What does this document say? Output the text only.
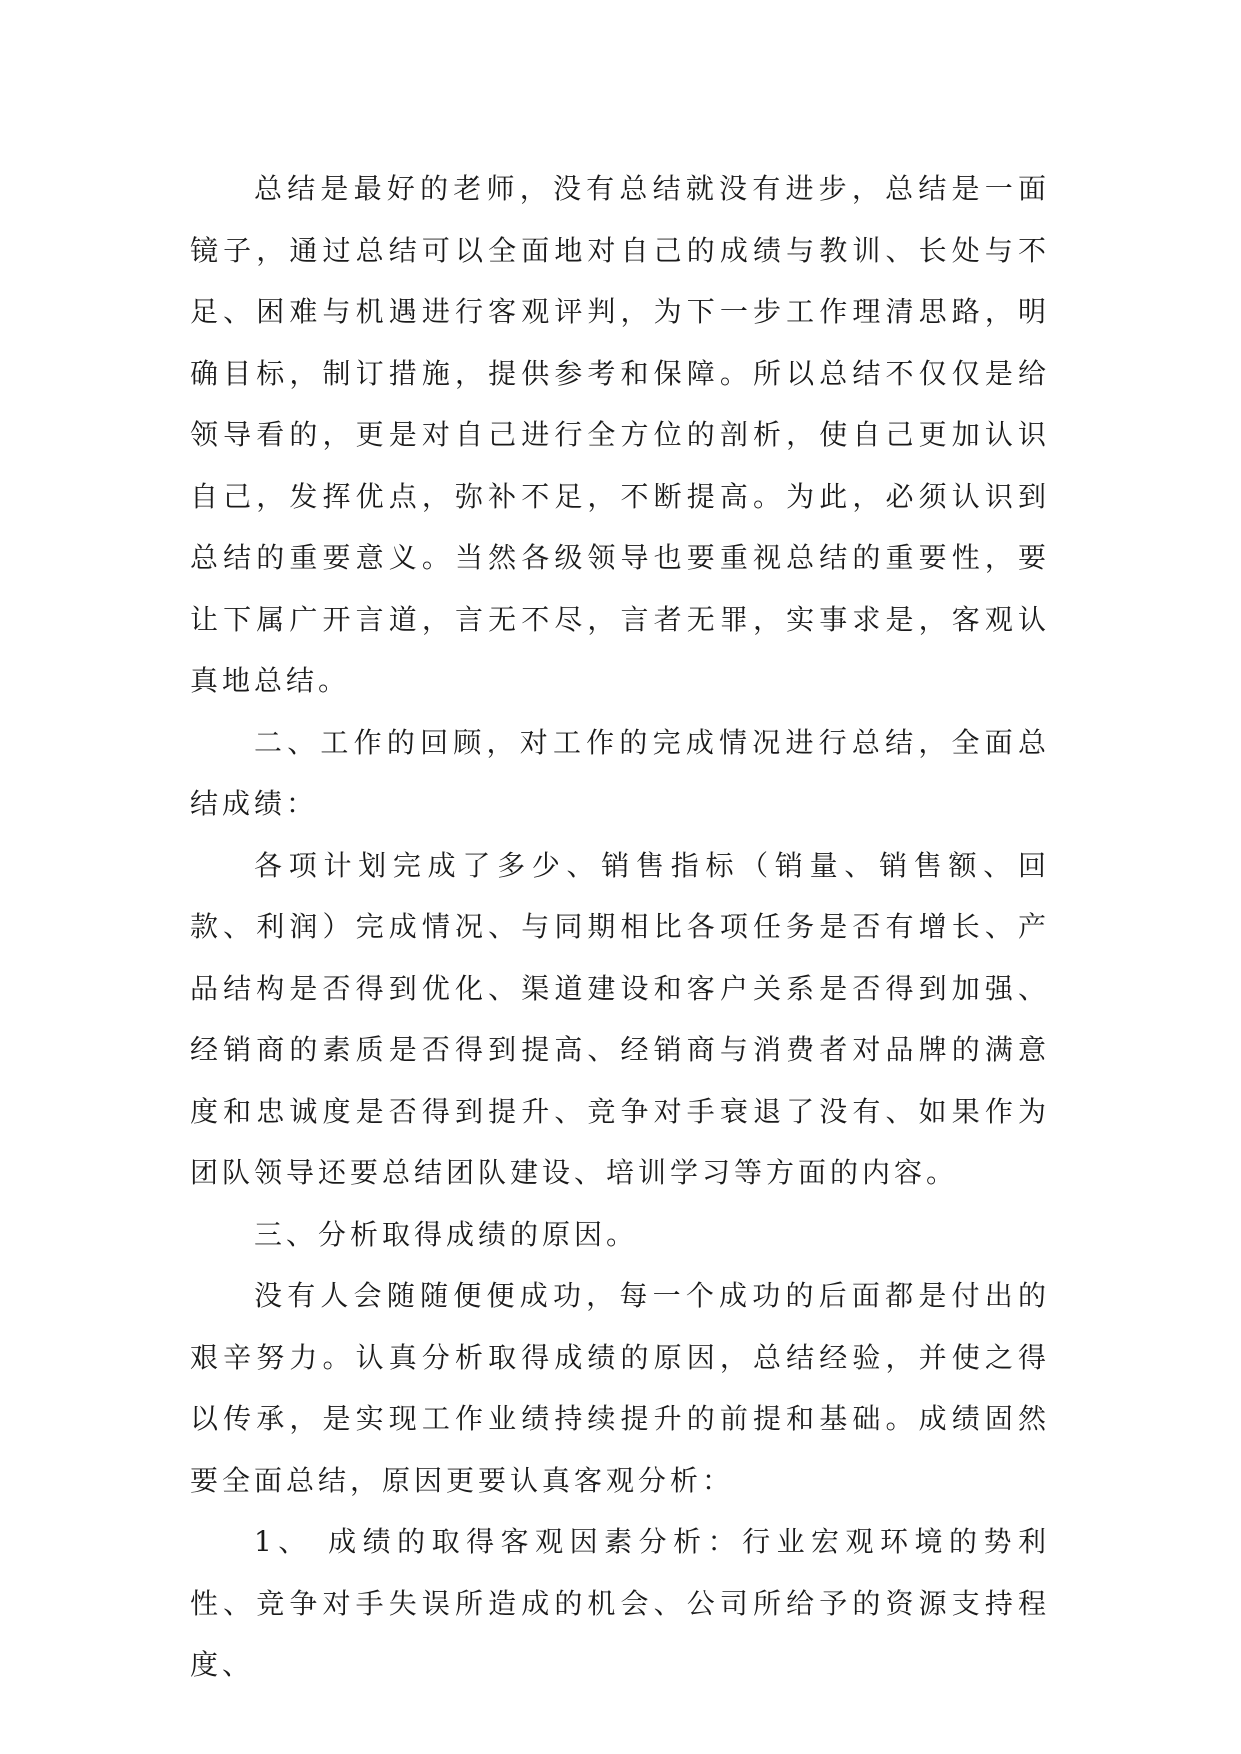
总结是最好的老师，没有总结就没有进步，总结是一面镜子，通过总结可以全面地对自己的成绩与教训、长处与不足、困难与机遇进行客观评判，为下一步工作理清思路，明确目标，制订措施，提供参考和保障。所以总结不仅仅是给领导看的，更是对自己进行全方位的剖析，使自己更加认识自己，发挥优点，弥补不足，不断提高。为此，必须认识到总结的重要意义。当然各级领导也要重视总结的重要性，要让下属广开言道，言无不尽，言者无罪，实事求是，客观认真地总结。

二、工作的回顾，对工作的完成情况进行总结，全面总结成绩：

各项计划完成了多少、销售指标（销量、销售额、回款、利润）完成情况、与同期相比各项任务是否有增长、产品结构是否得到优化、渠道建设和客户关系是否得到加强、经销商的素质是否得到提高、经销商与消费者对品牌的满意度和忠诚度是否得到提升、竞争对手衰退了没有、如果作为团队领导还要总结团队建设、培训学习等方面的内容。

三、分析取得成绩的原因。

没有人会随随便便成功，每一个成功的后面都是付出的艰辛努力。认真分析取得成绩的原因，总结经验，并使之得以传承，是实现工作业绩持续提升的前提和基础。成绩固然要全面总结，原因更要认真客观分析：

1、 成绩的取得客观因素分析：行业宏观环境的势利性、竞争对手失误所造成的机会、公司所给予的资源支持程度、
